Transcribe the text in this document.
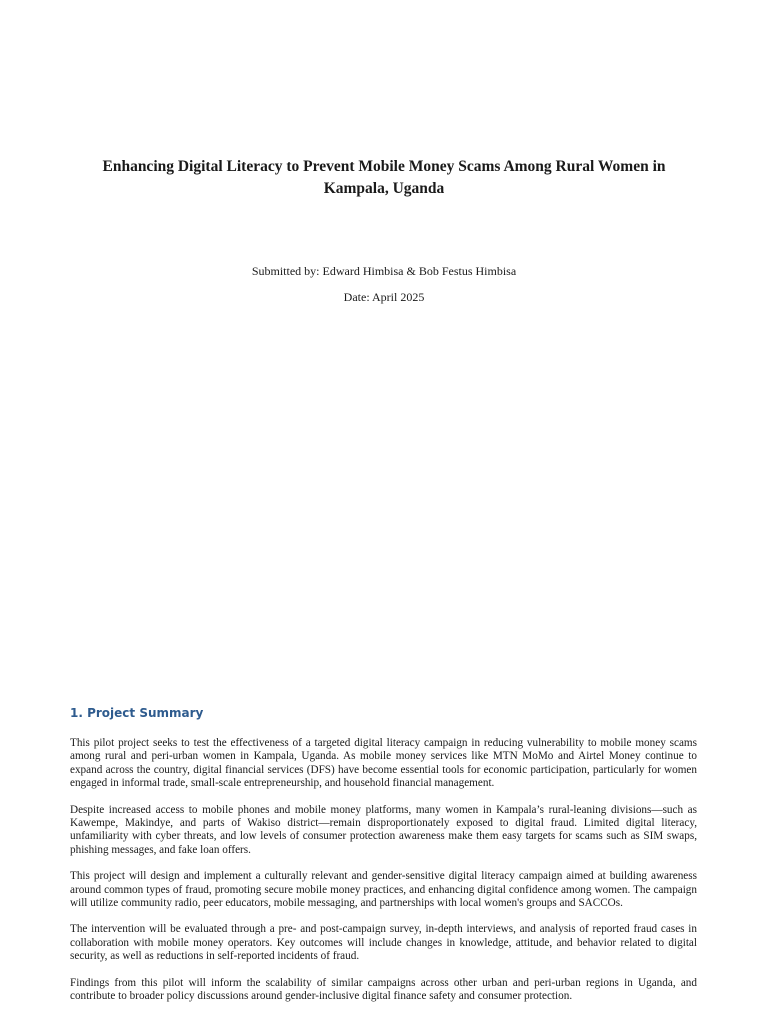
Enhancing Digital Literacy to Prevent Mobile Money Scams Among Rural Women in Kampala, Uganda

Submitted by: Edward Himbisa & Bob Festus Himbisa

Date: April 2025

1. Project Summary

This pilot project seeks to test the effectiveness of a targeted digital literacy campaign in reducing vulnerability to mobile money scams among rural and peri-urban women in Kampala, Uganda. As mobile money services like MTN MoMo and Airtel Money continue to expand across the country, digital financial services (DFS) have become essential tools for economic participation, particularly for women engaged in informal trade, small-scale entrepreneurship, and household financial management.

Despite increased access to mobile phones and mobile money platforms, many women in Kampala’s rural-leaning divisions—such as Kawempe, Makindye, and parts of Wakiso district—remain disproportionately exposed to digital fraud. Limited digital literacy, unfamiliarity with cyber threats, and low levels of consumer protection awareness make them easy targets for scams such as SIM swaps, phishing messages, and fake loan offers.

This project will design and implement a culturally relevant and gender-sensitive digital literacy campaign aimed at building awareness around common types of fraud, promoting secure mobile money practices, and enhancing digital confidence among women. The campaign will utilize community radio, peer educators, mobile messaging, and partnerships with local women's groups and SACCOs.

The intervention will be evaluated through a pre- and post-campaign survey, in-depth interviews, and analysis of reported fraud cases in collaboration with mobile money operators. Key outcomes will include changes in knowledge, attitude, and behavior related to digital security, as well as reductions in self-reported incidents of fraud.

Findings from this pilot will inform the scalability of similar campaigns across other urban and peri-urban regions in Uganda, and contribute to broader policy discussions around gender-inclusive digital finance safety and consumer protection.
